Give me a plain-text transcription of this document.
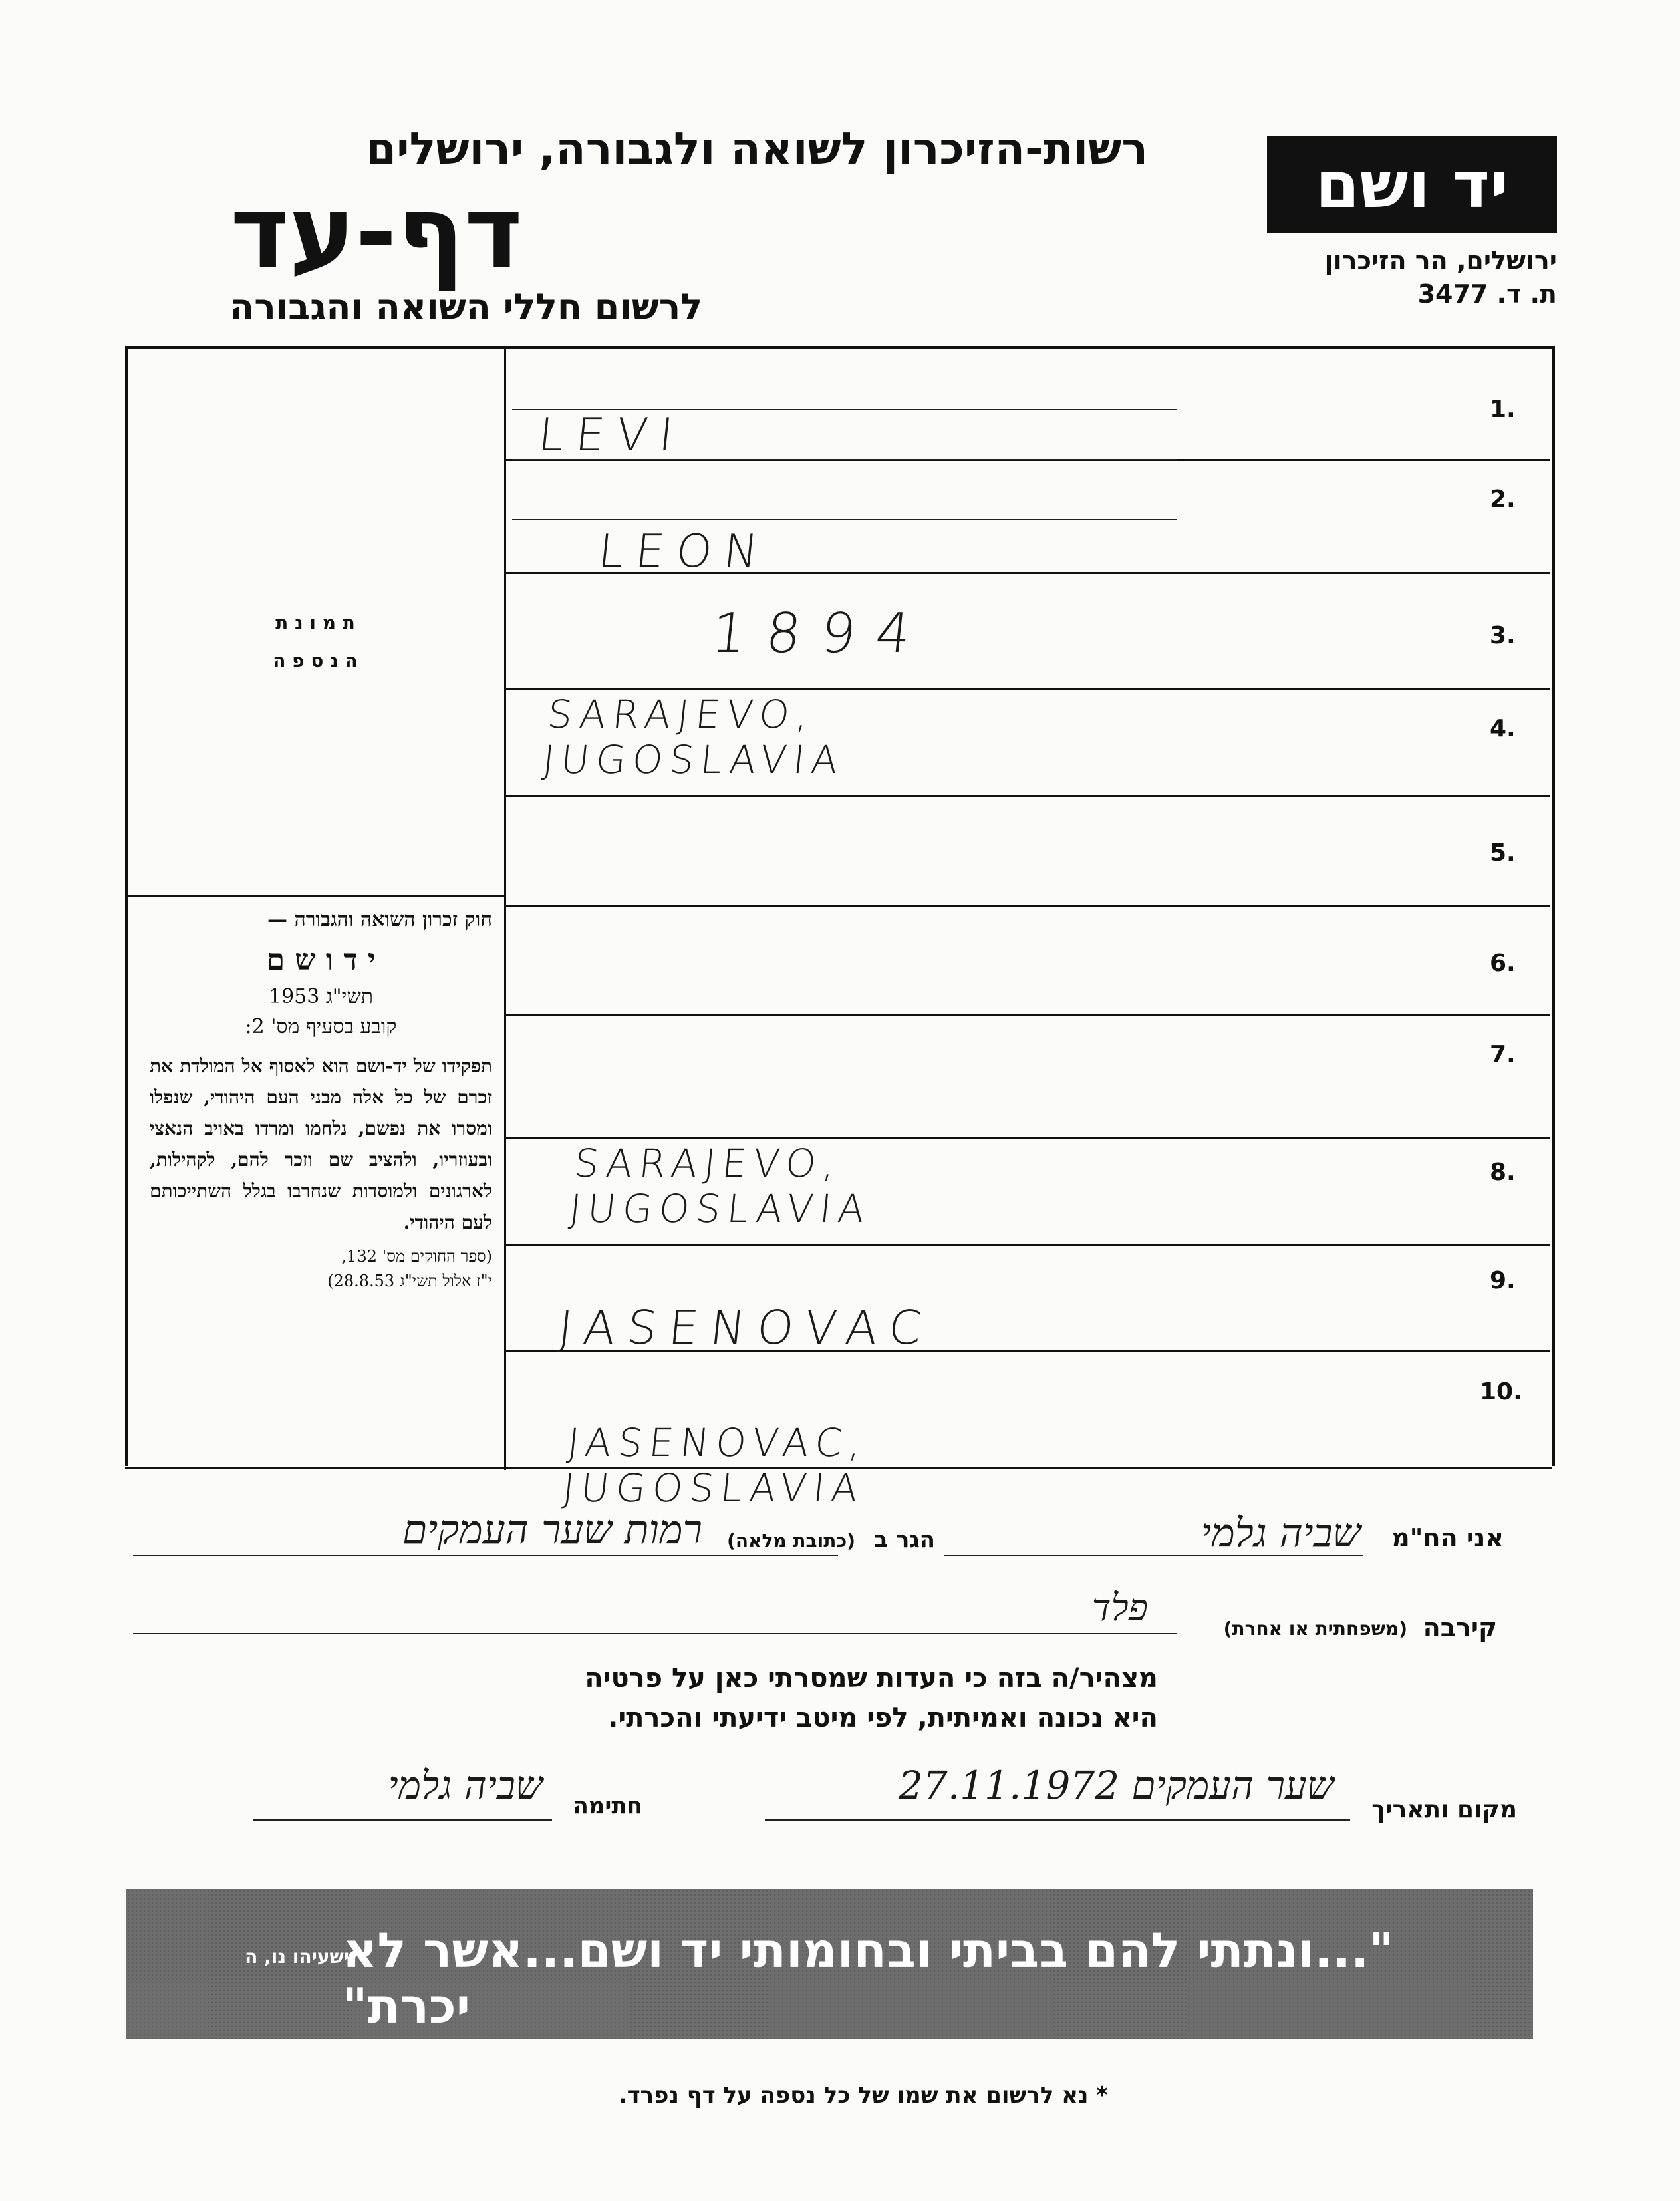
רשות-הזיכרון לשואה ולגבורה, ירושלים
דף-עד
לרשום חללי השואה והגבורה
יד ושם
ירושלים, הר הזיכרון
ת. ד. 3477
ת מ ו נ ת
ה נ ס פ ה
חוק זכרון השואה והגבורה —
י ד ו ש ם
תשי"ג 1953
קובע בסעיף מס' 2:
תפקידו של יד-ושם הוא לאסוף אל המולדת את זכרם של כל אלה מבני העם היהודי, שנפלו ומסרו את נפשם, נלחמו ומרדו באויב הנאצי ובעוזריו, ולהציב שם וזכר להם, לקהילות, לארגונים ולמוסדות שנחרבו בגלל השתייכותם לעם היהודי.
(ספר החוקים מס' 132,
י"ז אלול תשי"ג 28.8.53)
1.
LEVI
2.
LEON
3.
1894
4.
SARAJEVO, JUGOSLAVIA
5.
6.
7.
8.
SARAJEVO, JUGOSLAVIA
9.
JASENOVAC
10.
JASENOVAC, JUGOSLAVIA
אני הח"מ
שביה גלמי
הגר ב
(כתובת מלאה)
רמות שער העמקים
קירבה
(משפחתית או אחרת)
פלד
מצהיר/ה בזה כי העדות שמסרתי כאן על פרטיה
היא נכונה ואמיתית, לפי מיטב ידיעתי והכרתי.
מקום ותאריך
שער העמקים 27.11.1972
חתימה
שביה גלמי
"...ונתתי להם בביתי ובחומותי יד ושם...אשר לא יכרת"
ישעיהו נו, ה
* נא לרשום את שמו של כל נספה על דף נפרד.
